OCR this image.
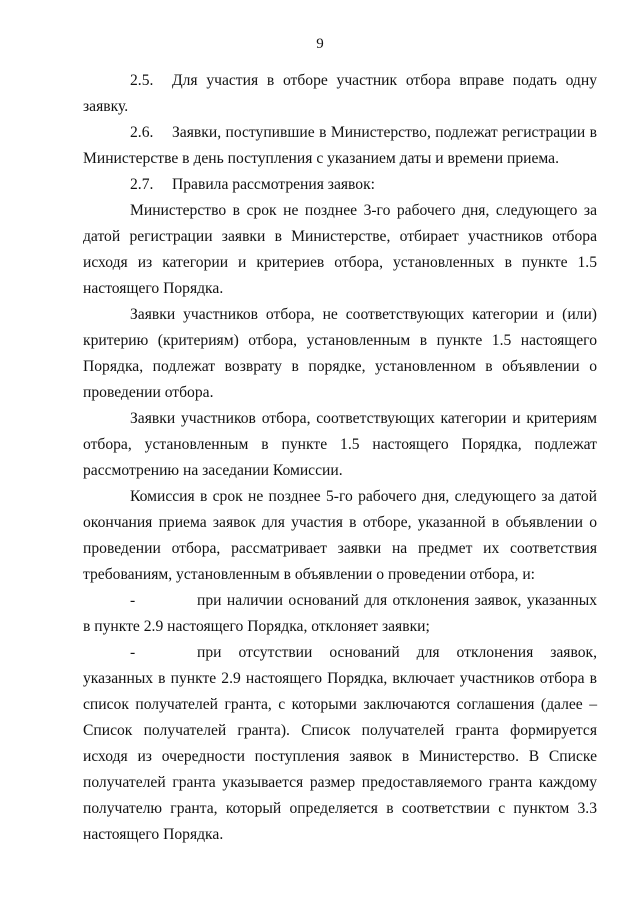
9

2.5. Для участия в отборе участник отбора вправе подать одну заявку.

2.6. Заявки, поступившие в Министерство, подлежат регистрации в Министерстве в день поступления с указанием даты и времени приема.

2.7. Правила рассмотрения заявок:

Министерство в срок не позднее 3-го рабочего дня, следующего за датой регистрации заявки в Министерстве, отбирает участников отбора исходя из категории и критериев отбора, установленных в пункте 1.5 настоящего Порядка.

Заявки участников отбора, не соответствующих категории и (или) критерию (критериям) отбора, установленным в пункте 1.5 настоящего Порядка, подлежат возврату в порядке, установленном в объявлении о проведении отбора.

Заявки участников отбора, соответствующих категории и критериям отбора, установленным в пункте 1.5 настоящего Порядка, подлежат рассмотрению на заседании Комиссии.

Комиссия в срок не позднее 5-го рабочего дня, следующего за датой окончания приема заявок для участия в отборе, указанной в объявлении о проведении отбора, рассматривает заявки на предмет их соответствия требованиям, установленным в объявлении о проведении отбора, и:

-	при наличии оснований для отклонения заявок, указанных в пункте 2.9 настоящего Порядка, отклоняет заявки;

-	при отсутствии оснований для отклонения заявок, указанных в пункте 2.9 настоящего Порядка, включает участников отбора в список получателей гранта, с которыми заключаются соглашения (далее – Список получателей гранта). Список получателей гранта формируется исходя из очередности поступления заявок в Министерство. В Списке получателей гранта указывается размер предоставляемого гранта каждому получателю гранта, который определяется в соответствии с пунктом 3.3 настоящего Порядка.
